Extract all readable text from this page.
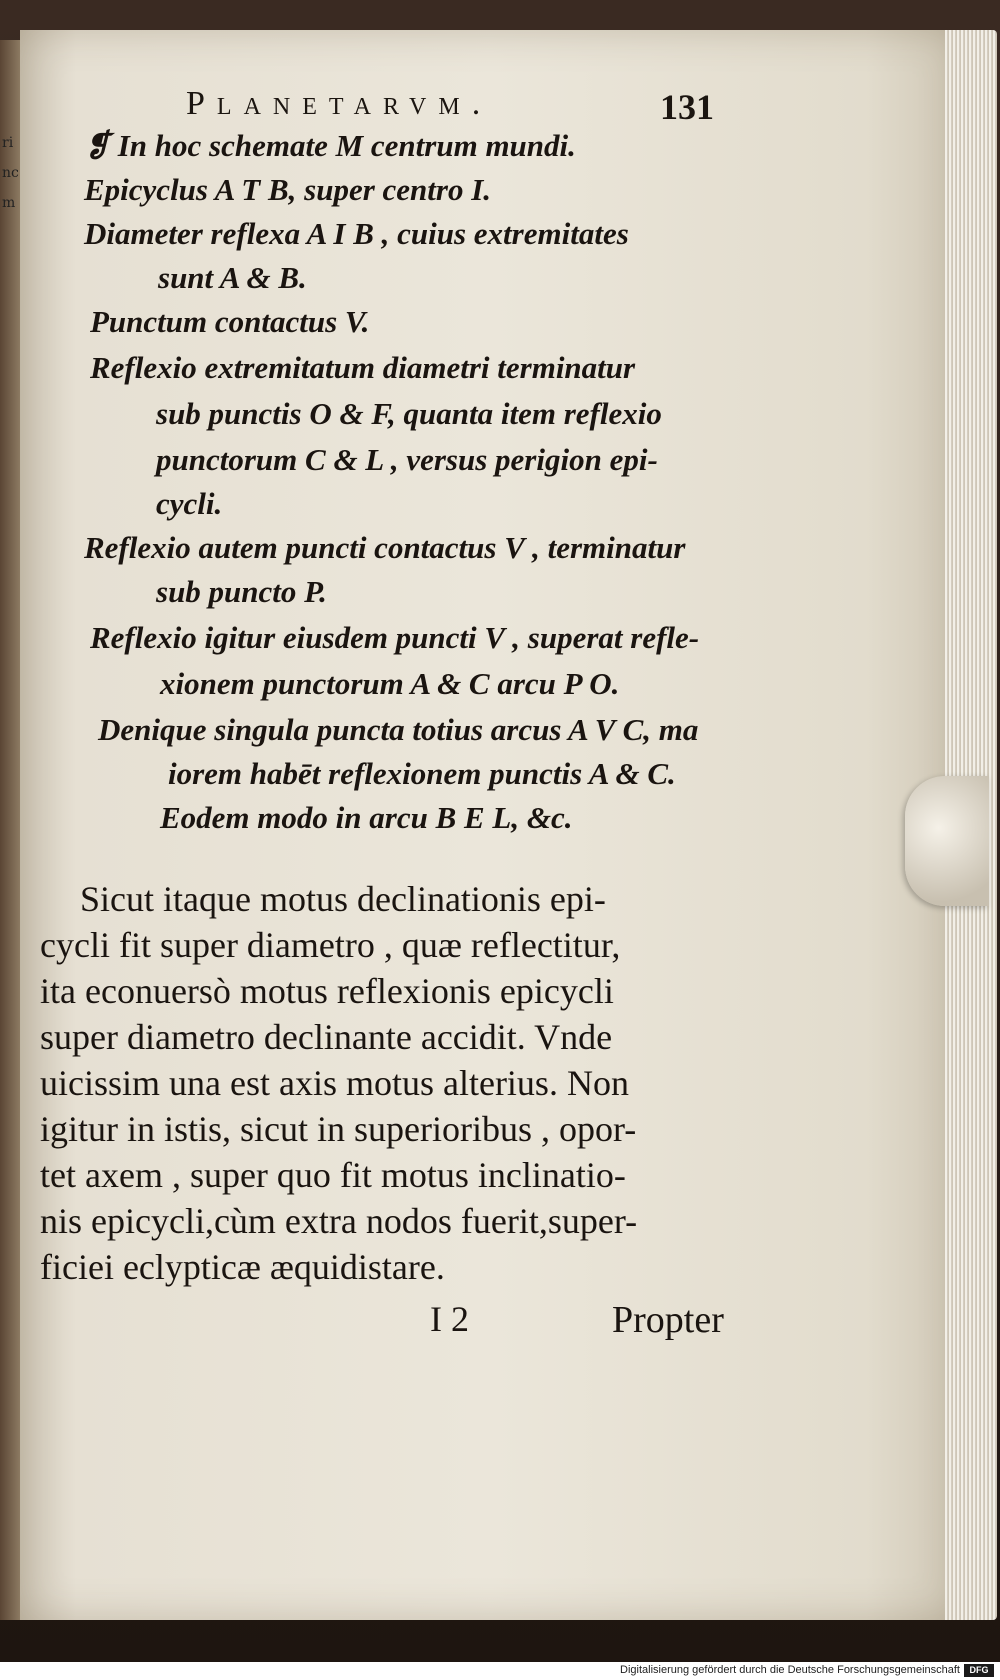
ri
nc
m
Planetarvm.	131
❡ In hoc schemate M centrum mundi.
Epicyclus A T B, super centro I.
Diameter reflexa A I B , cuius extremitates
sunt A & B.
Punctum contactus V.
Reflexio extremitatum diametri terminatur
sub punctis O & F, quanta item reflexio
punctorum C & L , versus perigion epi-
cycli.
Reflexio autem puncti contactus V , terminatur
sub puncto P.
Reflexio igitur eiusdem puncti V , superat refle-
xionem punctorum A & C arcu P O.
Denique singula puncta totius arcus A V C, ma
iorem habēt reflexionem punctis A & C.
Eodem modo in arcu B E L, &c.
Sicut itaque motus declinationis epi-
cycli fit super diametro , quæ reflectitur,
ita econuersò motus reflexionis epicycli
super diametro declinante accidit. Vnde
uicissim una est axis motus alterius. Non
igitur in istis, sicut in superioribus , opor-
tet axem , super quo fit motus inclinatio-
nis epicycli,cùm extra nodos fuerit,super-
ficiei eclypticæ æquidistare.
I 2	Propter
Digitalisierung gefördert durch die Deutsche Forschungsgemeinschaft	DFG
